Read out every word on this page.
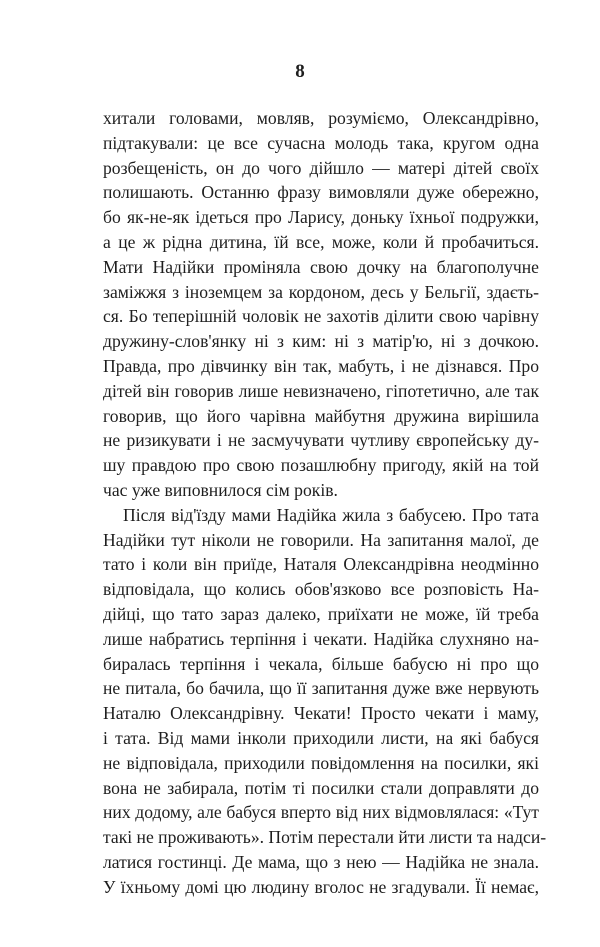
8
хитали головами, мовляв, розуміємо, Олександрівно,
підтакували: це все сучасна молодь така, кругом одна
розбещеність, он до чого дійшло — матері дітей своїх
полишають. Останню фразу вимовляли дуже обережно,
бо як-не-як ідеться про Ларису, доньку їхньої подружки,
а це ж рідна дитина, їй все, може, коли й пробачиться.
Мати Надійки проміняла свою дочку на благополучне
заміжжя з іноземцем за кордоном, десь у Бельгії, здаєть-
ся. Бо теперішній чоловік не захотів ділити свою чарівну
дружину-слов'янку ні з ким: ні з матір'ю, ні з дочкою.
Правда, про дівчинку він так, мабуть, і не дізнався. Про
дітей він говорив лише невизначено, гіпотетично, але так
говорив, що його чарівна майбутня дружина вирішила
не ризикувати і не засмучувати чутливу європейську ду-
шу правдою про свою позашлюбну пригоду, якій на той
час уже виповнилося сім років.
Після від'їзду мами Надійка жила з бабусею. Про тата
Надійки тут ніколи не говорили. На запитання малої, де
тато і коли він приїде, Наталя Олександрівна неодмінно
відповідала, що колись обов'язково все розповість На-
дійці, що тато зараз далеко, приїхати не може, їй треба
лише набратись терпіння і чекати. Надійка слухняно на-
биралась терпіння і чекала, більше бабусю ні про що
не питала, бо бачила, що її запитання дуже вже нервують
Наталю Олександрівну. Чекати! Просто чекати і маму,
і тата. Від мами інколи приходили листи, на які бабуся
не відповідала, приходили повідомлення на посилки, які
вона не забирала, потім ті посилки стали доправляти до
них додому, але бабуся вперто від них відмовлялася: «Тут
такі не проживають». Потім перестали йти листи та надси-
латися гостинці. Де мама, що з нею — Надійка не знала.
У їхньому домі цю людину вголос не згадували. Її немає,
